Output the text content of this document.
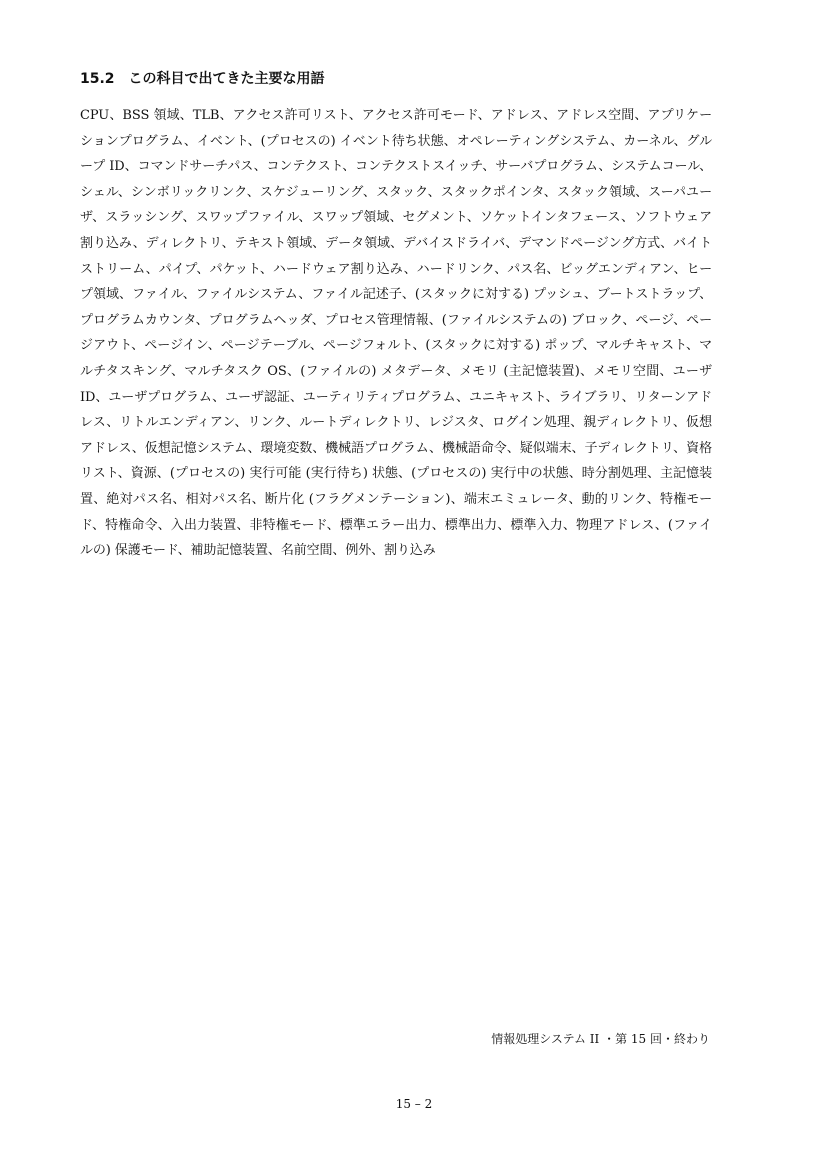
15.2 この科目で出てきた主要な用語
CPU、BSS 領域、TLB、アクセス許可リスト、アクセス許可モード、アドレス、アドレス空間、アプリケーションプログラム、イベント、(プロセスの) イベント待ち状態、オペレーティングシステム、カーネル、グループ ID、コマンドサーチパス、コンテクスト、コンテクストスイッチ、サーバプログラム、システムコール、シェル、シンボリックリンク、スケジューリング、スタック、スタックポインタ、スタック領域、スーパユーザ、スラッシング、スワップファイル、スワップ領域、セグメント、ソケットインタフェース、ソフトウェア割り込み、ディレクトリ、テキスト領域、データ領域、デバイスドライバ、デマンドページング方式、バイトストリーム、パイプ、パケット、ハードウェア割り込み、ハードリンク、パス名、ビッグエンディアン、ヒープ領域、ファイル、ファイルシステム、ファイル記述子、(スタックに対する) プッシュ、ブートストラップ、プログラムカウンタ、プログラムヘッダ、プロセス管理情報、(ファイルシステムの) ブロック、ページ、ページアウト、ページイン、ページテーブル、ページフォルト、(スタックに対する) ポップ、マルチキャスト、マルチタスキング、マルチタスク OS、(ファイルの) メタデータ、メモリ (主記憶装置)、メモリ空間、ユーザ ID、ユーザプログラム、ユーザ認証、ユーティリティプログラム、ユニキャスト、ライブラリ、リターンアドレス、リトルエンディアン、リンク、ルートディレクトリ、レジスタ、ログイン処理、親ディレクトリ、仮想アドレス、仮想記憶システム、環境変数、機械語プログラム、機械語命令、疑似端末、子ディレクトリ、資格リスト、資源、(プロセスの) 実行可能 (実行待ち) 状態、(プロセスの) 実行中の状態、時分割処理、主記憶装置、絶対パス名、相対パス名、断片化 (フラグメンテーション)、端末エミュレータ、動的リンク、特権モード、特権命令、入出力装置、非特権モード、標準エラー出力、標準出力、標準入力、物理アドレス、(ファイルの) 保護モード、補助記憶装置、名前空間、例外、割り込み
情報処理システム II ・第 15 回・終わり
15 – 2
